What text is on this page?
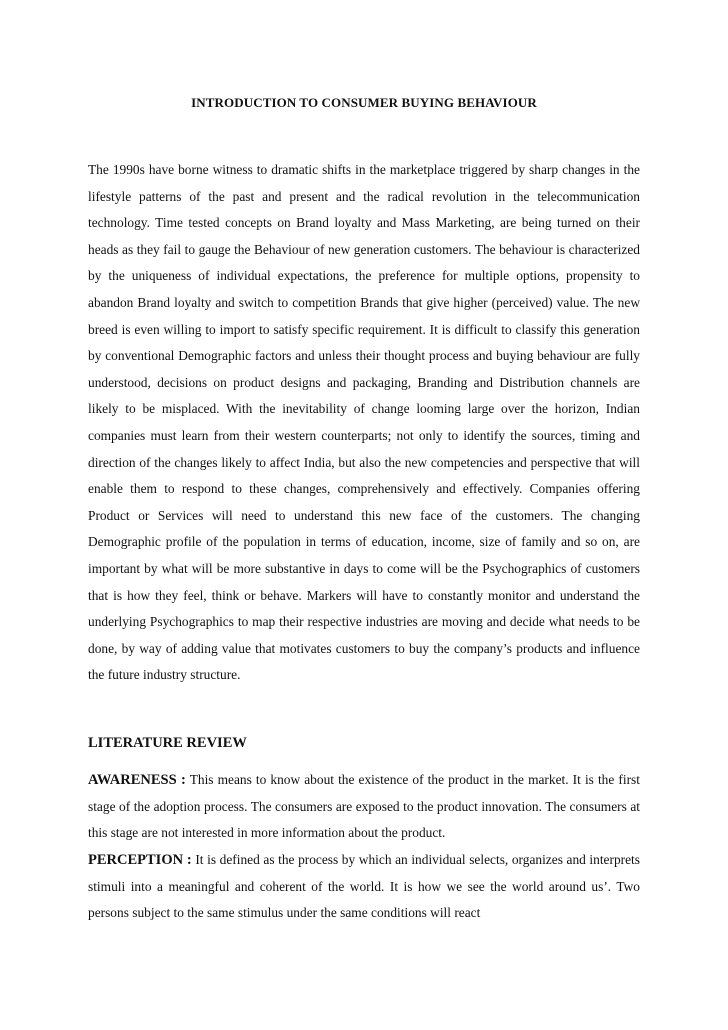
INTRODUCTION TO CONSUMER BUYING BEHAVIOUR

The 1990s have borne witness to dramatic shifts in the marketplace triggered by sharp changes in the lifestyle patterns of the past and present and the radical revolution in the telecommunication technology. Time tested concepts on Brand loyalty and Mass Marketing, are being turned on their heads as they fail to gauge the Behaviour of new generation customers. The behaviour is characterized by the uniqueness of individual expectations, the preference for multiple options, propensity to abandon Brand loyalty and switch to competition Brands that give higher (perceived) value. The new breed is even willing to import to satisfy specific requirement. It is difficult to classify this generation by conventional Demographic factors and unless their thought process and buying behaviour are fully understood, decisions on product designs and packaging, Branding and Distribution channels are likely to be misplaced. With the inevitability of change looming large over the horizon, Indian companies must learn from their western counterparts; not only to identify the sources, timing and direction of the changes likely to affect India, but also the new competencies and perspective that will enable them to respond to these changes, comprehensively and effectively. Companies offering Product or Services will need to understand this new face of the customers. The changing Demographic profile of the population in terms of education, income, size of family and so on, are important by what will be more substantive in days to come will be the Psychographics of customers that is how they feel, think or behave. Markers will have to constantly monitor and understand the underlying Psychographics to map their respective industries are moving and decide what needs to be done, by way of adding value that motivates customers to buy the company’s products and influence the future industry structure.

LITERATURE REVIEW

AWARENESS : This means to know about the existence of the product in the market. It is the first stage of the adoption process. The consumers are exposed to the product innovation. The consumers at this stage are not interested in more information about the product.

PERCEPTION : It is defined as the process by which an individual selects, organizes and interprets stimuli into a meaningful and coherent of the world. It is how we see the world around us’. Two persons subject to the same stimulus under the same conditions will react
